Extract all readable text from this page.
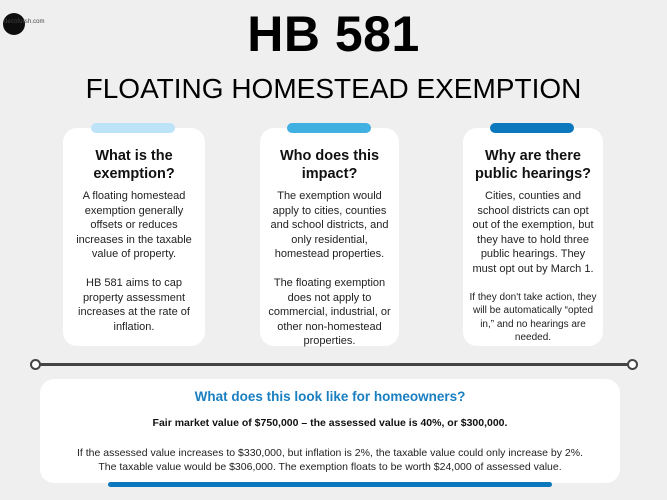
decofursh.com	HB 581
FLOATING HOMESTEAD EXEMPTION
What is the exemption?

A floating homestead exemption generally offsets or reduces increases in the taxable value of property.

HB 581 aims to cap property assessment increases at the rate of inflation.

Who does this impact?

The exemption would apply to cities, counties and school districts, and only residential, homestead properties.

The floating exemption does not apply to commercial, industrial, or other non-homestead properties.

Why are there public hearings?

Cities, counties and school districts can opt out of the exemption, but they have to hold three public hearings. They must opt out by March 1.

If they don't take action, they will be automatically “opted in,” and no hearings are needed.

What does this look like for homeowners?

Fair market value of $750,000 – the assessed value is 40%, or $300,000.

If the assessed value increases to $330,000, but inflation is 2%, the taxable value could only increase by 2%.

The taxable value would be $306,000. The exemption floats to be worth $24,000 of assessed value.
